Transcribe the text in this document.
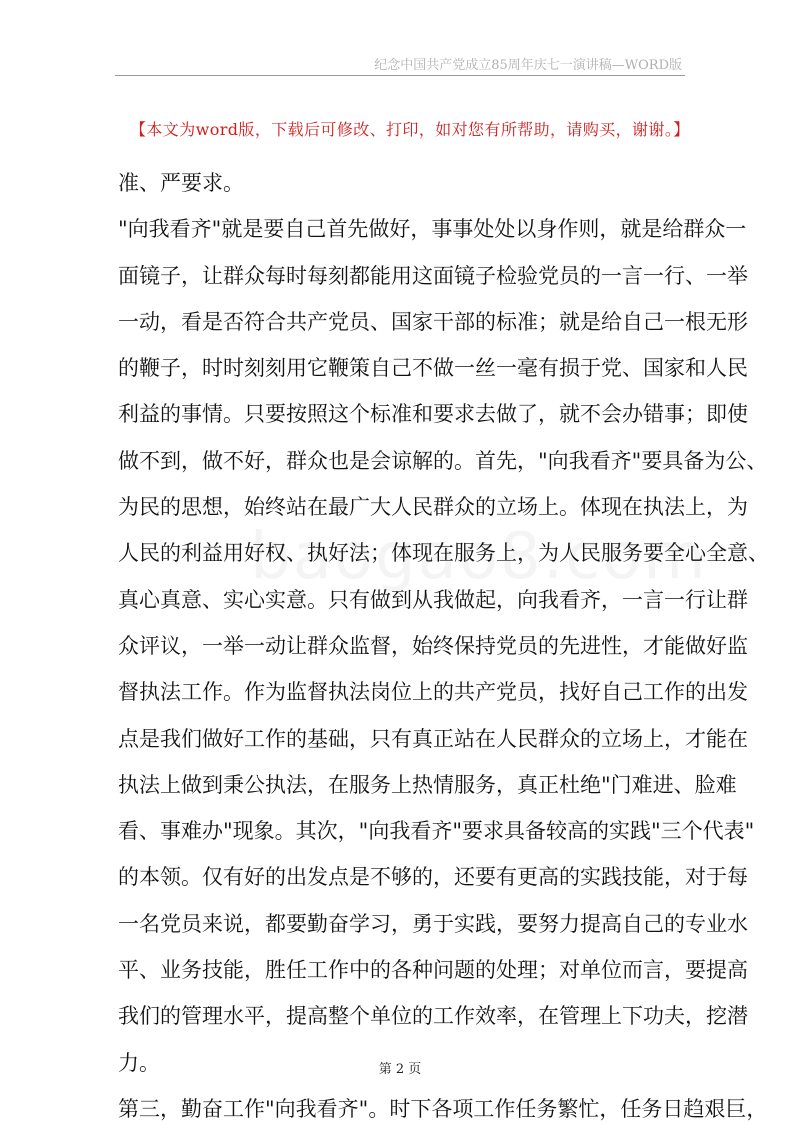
纪念中国共产党成立85周年庆七一演讲稿—WORD版
【本文为word版，下载后可修改、打印，如对您有所帮助，请购买，谢谢。】
准、严要求。
"向我看齐"就是要自己首先做好，事事处处以身作则，就是给群众一
面镜子，让群众每时每刻都能用这面镜子检验党员的一言一行、一举
一动，看是否符合共产党员、国家干部的标准；就是给自己一根无形
的鞭子，时时刻刻用它鞭策自己不做一丝一毫有损于党、国家和人民
利益的事情。只要按照这个标准和要求去做了，就不会办错事；即使
做不到，做不好，群众也是会谅解的。首先，"向我看齐"要具备为公、
为民的思想，始终站在最广大人民群众的立场上。体现在执法上，为
人民的利益用好权、执好法；体现在服务上，为人民服务要全心全意、
真心真意、实心实意。只有做到从我做起，向我看齐，一言一行让群
众评议，一举一动让群众监督，始终保持党员的先进性，才能做好监
督执法工作。作为监督执法岗位上的共产党员，找好自己工作的出发
点是我们做好工作的基础，只有真正站在人民群众的立场上，才能在
执法上做到秉公执法，在服务上热情服务，真正杜绝"门难进、脸难
看、事难办"现象。其次，"向我看齐"要求具备较高的实践"三个代表"
的本领。仅有好的出发点是不够的，还要有更高的实践技能，对于每
一名党员来说，都要勤奋学习，勇于实践，要努力提高自己的专业水
平、业务技能，胜任工作中的各种问题的处理；对单位而言，要提高
我们的管理水平，提高整个单位的工作效率，在管理上下功夫，挖潜
力。
第三，勤奋工作"向我看齐"。时下各项工作任务繁忙，任务日趋艰巨，
第 2 页
